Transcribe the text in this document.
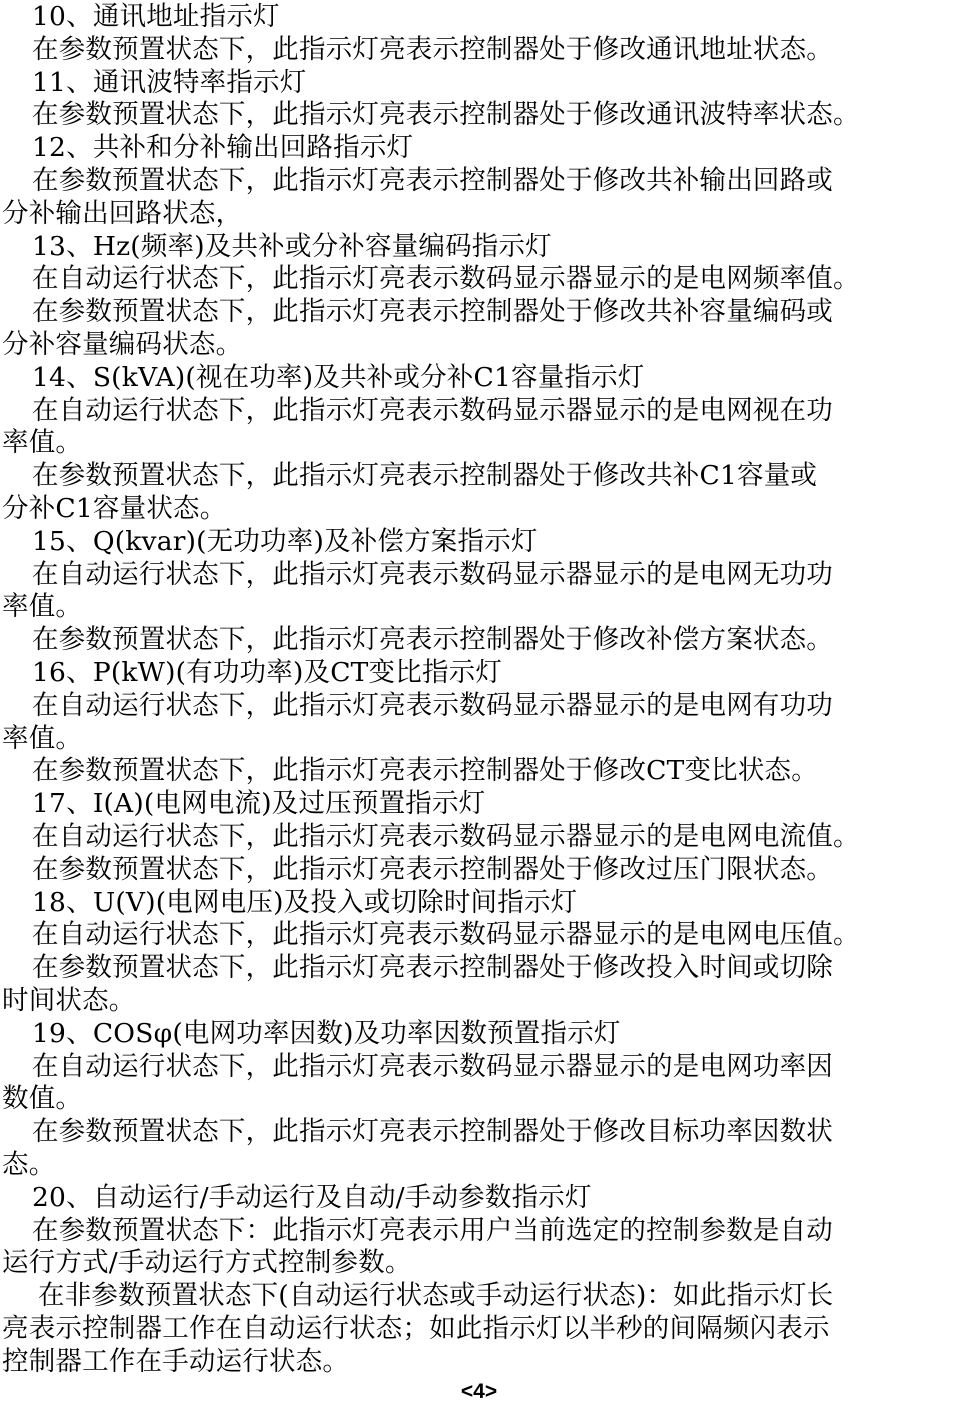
10、通讯地址指示灯
在参数预置状态下，此指示灯亮表示控制器处于修改通讯地址状态。
11、通讯波特率指示灯
在参数预置状态下，此指示灯亮表示控制器处于修改通讯波特率状态。
12、共补和分补输出回路指示灯
在参数预置状态下，此指示灯亮表示控制器处于修改共补输出回路或
分补输出回路状态，
13、Hz(频率)及共补或分补容量编码指示灯
在自动运行状态下，此指示灯亮表示数码显示器显示的是电网频率值。
在参数预置状态下，此指示灯亮表示控制器处于修改共补容量编码或
分补容量编码状态。
14、S(kVA)(视在功率)及共补或分补C1容量指示灯
在自动运行状态下，此指示灯亮表示数码显示器显示的是电网视在功
率值。
在参数预置状态下，此指示灯亮表示控制器处于修改共补C1容量或
分补C1容量状态。
15、Q(kvar)(无功功率)及补偿方案指示灯
在自动运行状态下，此指示灯亮表示数码显示器显示的是电网无功功
率值。
在参数预置状态下，此指示灯亮表示控制器处于修改补偿方案状态。
16、P(kW)(有功功率)及CT变比指示灯
在自动运行状态下，此指示灯亮表示数码显示器显示的是电网有功功
率值。
在参数预置状态下，此指示灯亮表示控制器处于修改CT变比状态。
17、I(A)(电网电流)及过压预置指示灯
在自动运行状态下，此指示灯亮表示数码显示器显示的是电网电流值。
在参数预置状态下，此指示灯亮表示控制器处于修改过压门限状态。
18、U(V)(电网电压)及投入或切除时间指示灯
在自动运行状态下，此指示灯亮表示数码显示器显示的是电网电压值。
在参数预置状态下，此指示灯亮表示控制器处于修改投入时间或切除
时间状态。
19、COSφ(电网功率因数)及功率因数预置指示灯
在自动运行状态下，此指示灯亮表示数码显示器显示的是电网功率因
数值。
在参数预置状态下，此指示灯亮表示控制器处于修改目标功率因数状
态。
20、自动运行/手动运行及自动/手动参数指示灯
在参数预置状态下：此指示灯亮表示用户当前选定的控制参数是自动
运行方式/手动运行方式控制参数。
在非参数预置状态下(自动运行状态或手动运行状态)：如此指示灯长
亮表示控制器工作在自动运行状态；如此指示灯以半秒的间隔频闪表示
控制器工作在手动运行状态。
<4>
